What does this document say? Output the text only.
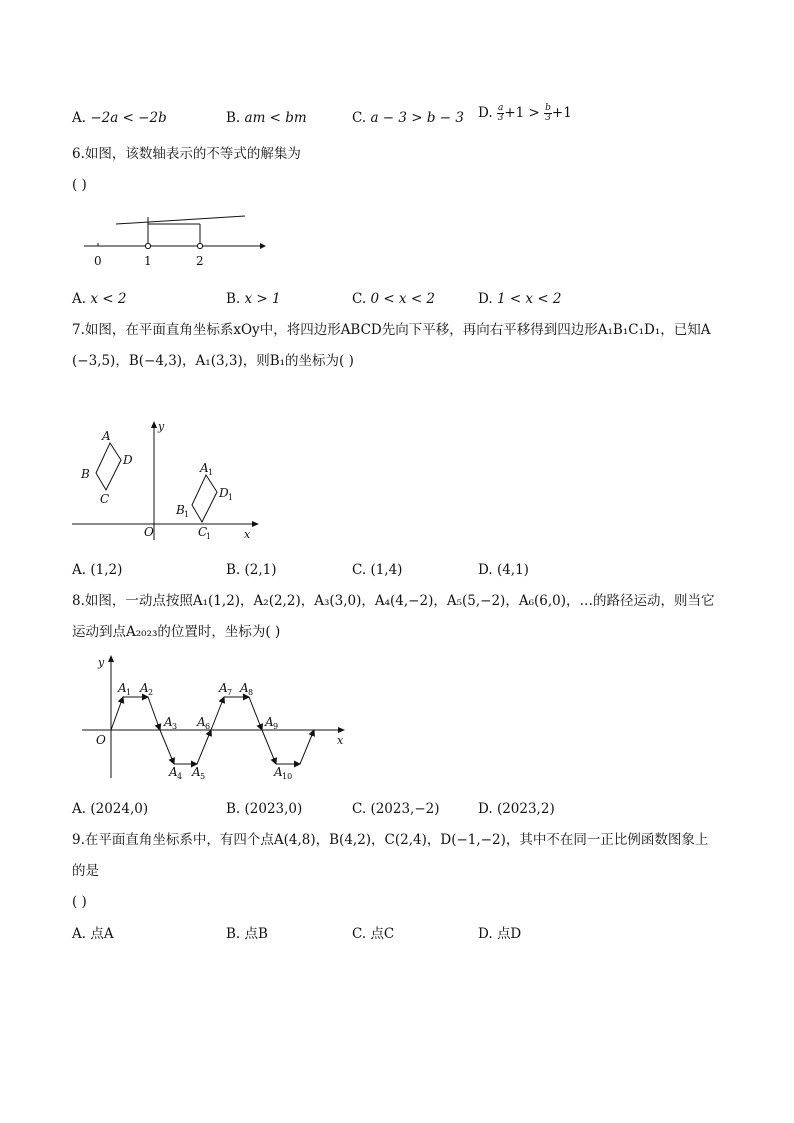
A. −2a < −2b	B. am < bm	C. a − 3 > b − 3 D. $\frac{a}{3} +1 > \frac{b}{3} +1$
6.如图，该数轴表示的不等式的解集为
( )
0	1	2
A. x < 2	B. x > 1	C. 0 < x < 2	D. 1 < x < 2
7.如图，在平面直角坐标系xOy中，将四边形ABCD先向下平移，再向右平移得到四边形A₁B₁C₁D₁，已知A
(−3,5)，B(−4,3)，A₁(3,3)，则B₁的坐标为( )
A
D
B
C
A 1
D 1
B 1
C
1
O	x
y
A. (1,2)	B. (2,1)	C. (1,4)	D. (4,1)
8.如图，一动点按照A₁(1,2)，A₂(2,2)，A₃(3,0)，A₄(4,−2)，A₅(5,−2)，A₆(6,0)，…的路径运动，则当它
运动到点A₂₀₂₃的位置时，坐标为( )
O	x
y
A 1 A 2
A 3
A 4 A 5
A 6
A 7 A 8
A 9
A 10
A. (2024,0)	B. (2023,0)	C. (2023,−2)	D. (2023,2)
9.在平面直角坐标系中，有四个点A(4,8)，B(4,2)，C(2,4)，D(−1,−2)，其中不在同一正比例函数图象上
的是
( )
A. 点A	B. 点B	C. 点C	D. 点D
